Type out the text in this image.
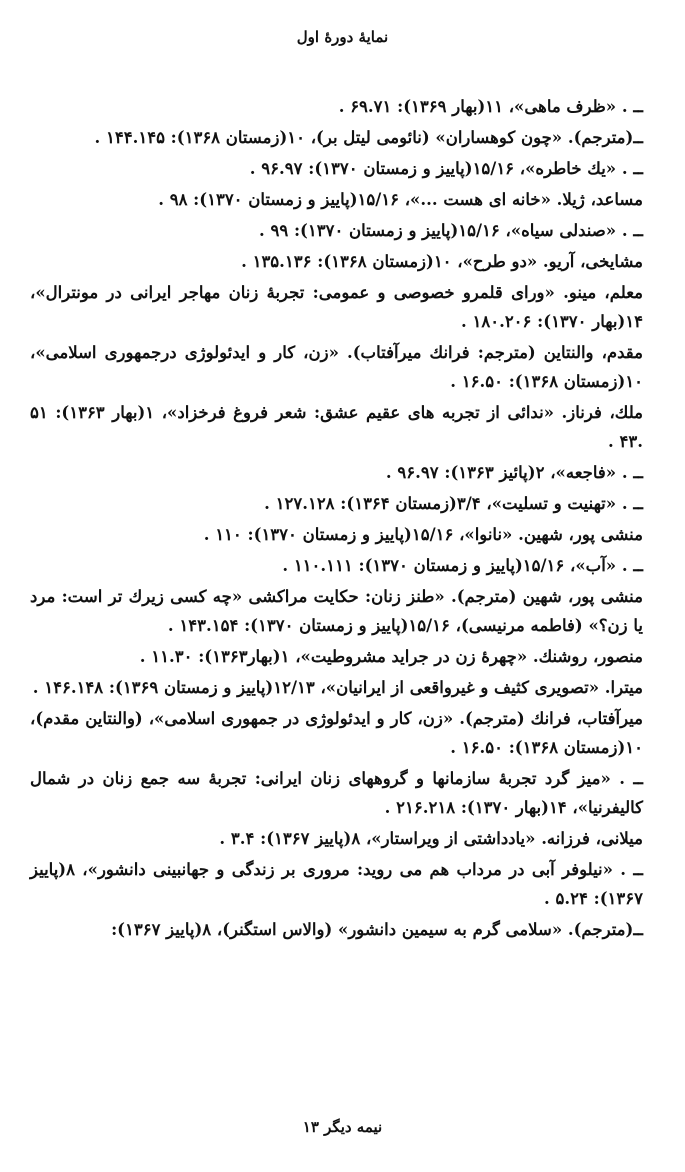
نمایهٔ دورهٔ اول

ــ . «ظرف ماهی»، ۱۱(بهار ۱۳۶۹): ۶۹.۷۱ .

ــ(مترجم). «چون کوهساران» (نائومی لیتل بر)، ۱۰(زمستان ۱۳۶۸): ۱۴۴.۱۴۵ .

ــ . «یك خاطره»، ۱۵/۱۶(پاییز و زمستان ۱۳۷۰): ۹۶.۹۷ .

مساعد، ژیلا. «خانه ای هست ...»، ۱۵/۱۶(پاییز و زمستان ۱۳۷۰): ۹۸ .

ــ . «صندلی سیاه»، ۱۵/۱۶(پاییز و زمستان ۱۳۷۰): ۹۹ .

مشایخی، آریو. «دو طرح»، ۱۰(زمستان ۱۳۶۸): ۱۳۵.۱۳۶ .

معلم، مینو. «ورای قلمرو خصوصی و عمومی: تجربهٔ زنان مهاجر ایرانی در مونترال»، ۱۴(بهار ۱۳۷۰): ۱۸۰.۲۰۶ .

مقدم، والنتاین (مترجم: فرانك میرآفتاب). «زن، کار و ایدئولوژی درجمهوری اسلامی»، ۱۰(زمستان ۱۳۶۸): ۱۶.۵۰ .

ملك، فرناز. «ندائی از تجربه های عقیم عشق: شعر فروغ فرخزاد»، ۱(بهار ۱۳۶۳): ۵۱ .۴۳ .

ــ . «فاجعه»، ۲(پائیز ۱۳۶۳): ۹۶.۹۷ .

ــ . «تهنیت و تسلیت»، ۳/۴(زمستان ۱۳۶۴): ۱۲۷.۱۲۸ .

منشی پور، شهین. «نانوا»، ۱۵/۱۶(پاییز و زمستان ۱۳۷۰): ۱۱۰ .

ــ . «آب»، ۱۵/۱۶(پاییز و زمستان ۱۳۷۰): ۱۱۰.۱۱۱ .

منشی پور، شهین (مترجم). «طنز زنان: حکایت مراکشی «چه کسی زیرك تر است: مرد یا زن؟» (فاطمه مرنیسی)، ۱۵/۱۶(پاییز و زمستان ۱۳۷۰): ۱۴۳.۱۵۴ .

منصور، روشنك. «چهرهٔ زن در جراید مشروطیت»، ۱(بهار۱۳۶۳): ۱۱.۳۰ .

میترا. «تصویری کثیف و غیرواقعی از ایرانیان»، ۱۲/۱۳(پاییز و زمستان ۱۳۶۹): ۱۴۶.۱۴۸ .

میرآفتاب، فرانك (مترجم). «زن، کار و ایدئولوژی در جمهوری اسلامی»، (والنتاین مقدم)، ۱۰(زمستان ۱۳۶۸): ۱۶.۵۰ .

ــ . «میز گرد تجربهٔ سازمانها و گروههای زنان ایرانی: تجربهٔ سه جمع زنان در شمال کالیفرنیا»، ۱۴(بهار ۱۳۷۰): ۲۱۶.۲۱۸ .

میلانی، فرزانه. «یادداشتی از ویراستار»، ۸(پاییز ۱۳۶۷): ۳.۴ .

ــ . «نیلوفر آبی در مرداب هم می روید: مروری بر زندگی و جهانبینی دانشور»، ۸(پاییز ۱۳۶۷): ۵.۲۴ .

ــ(مترجم). «سلامی گرم به سیمین دانشور» (والاس استگنر)، ۸(پاییز ۱۳۶۷):

نیمه دیگر ۱۳
